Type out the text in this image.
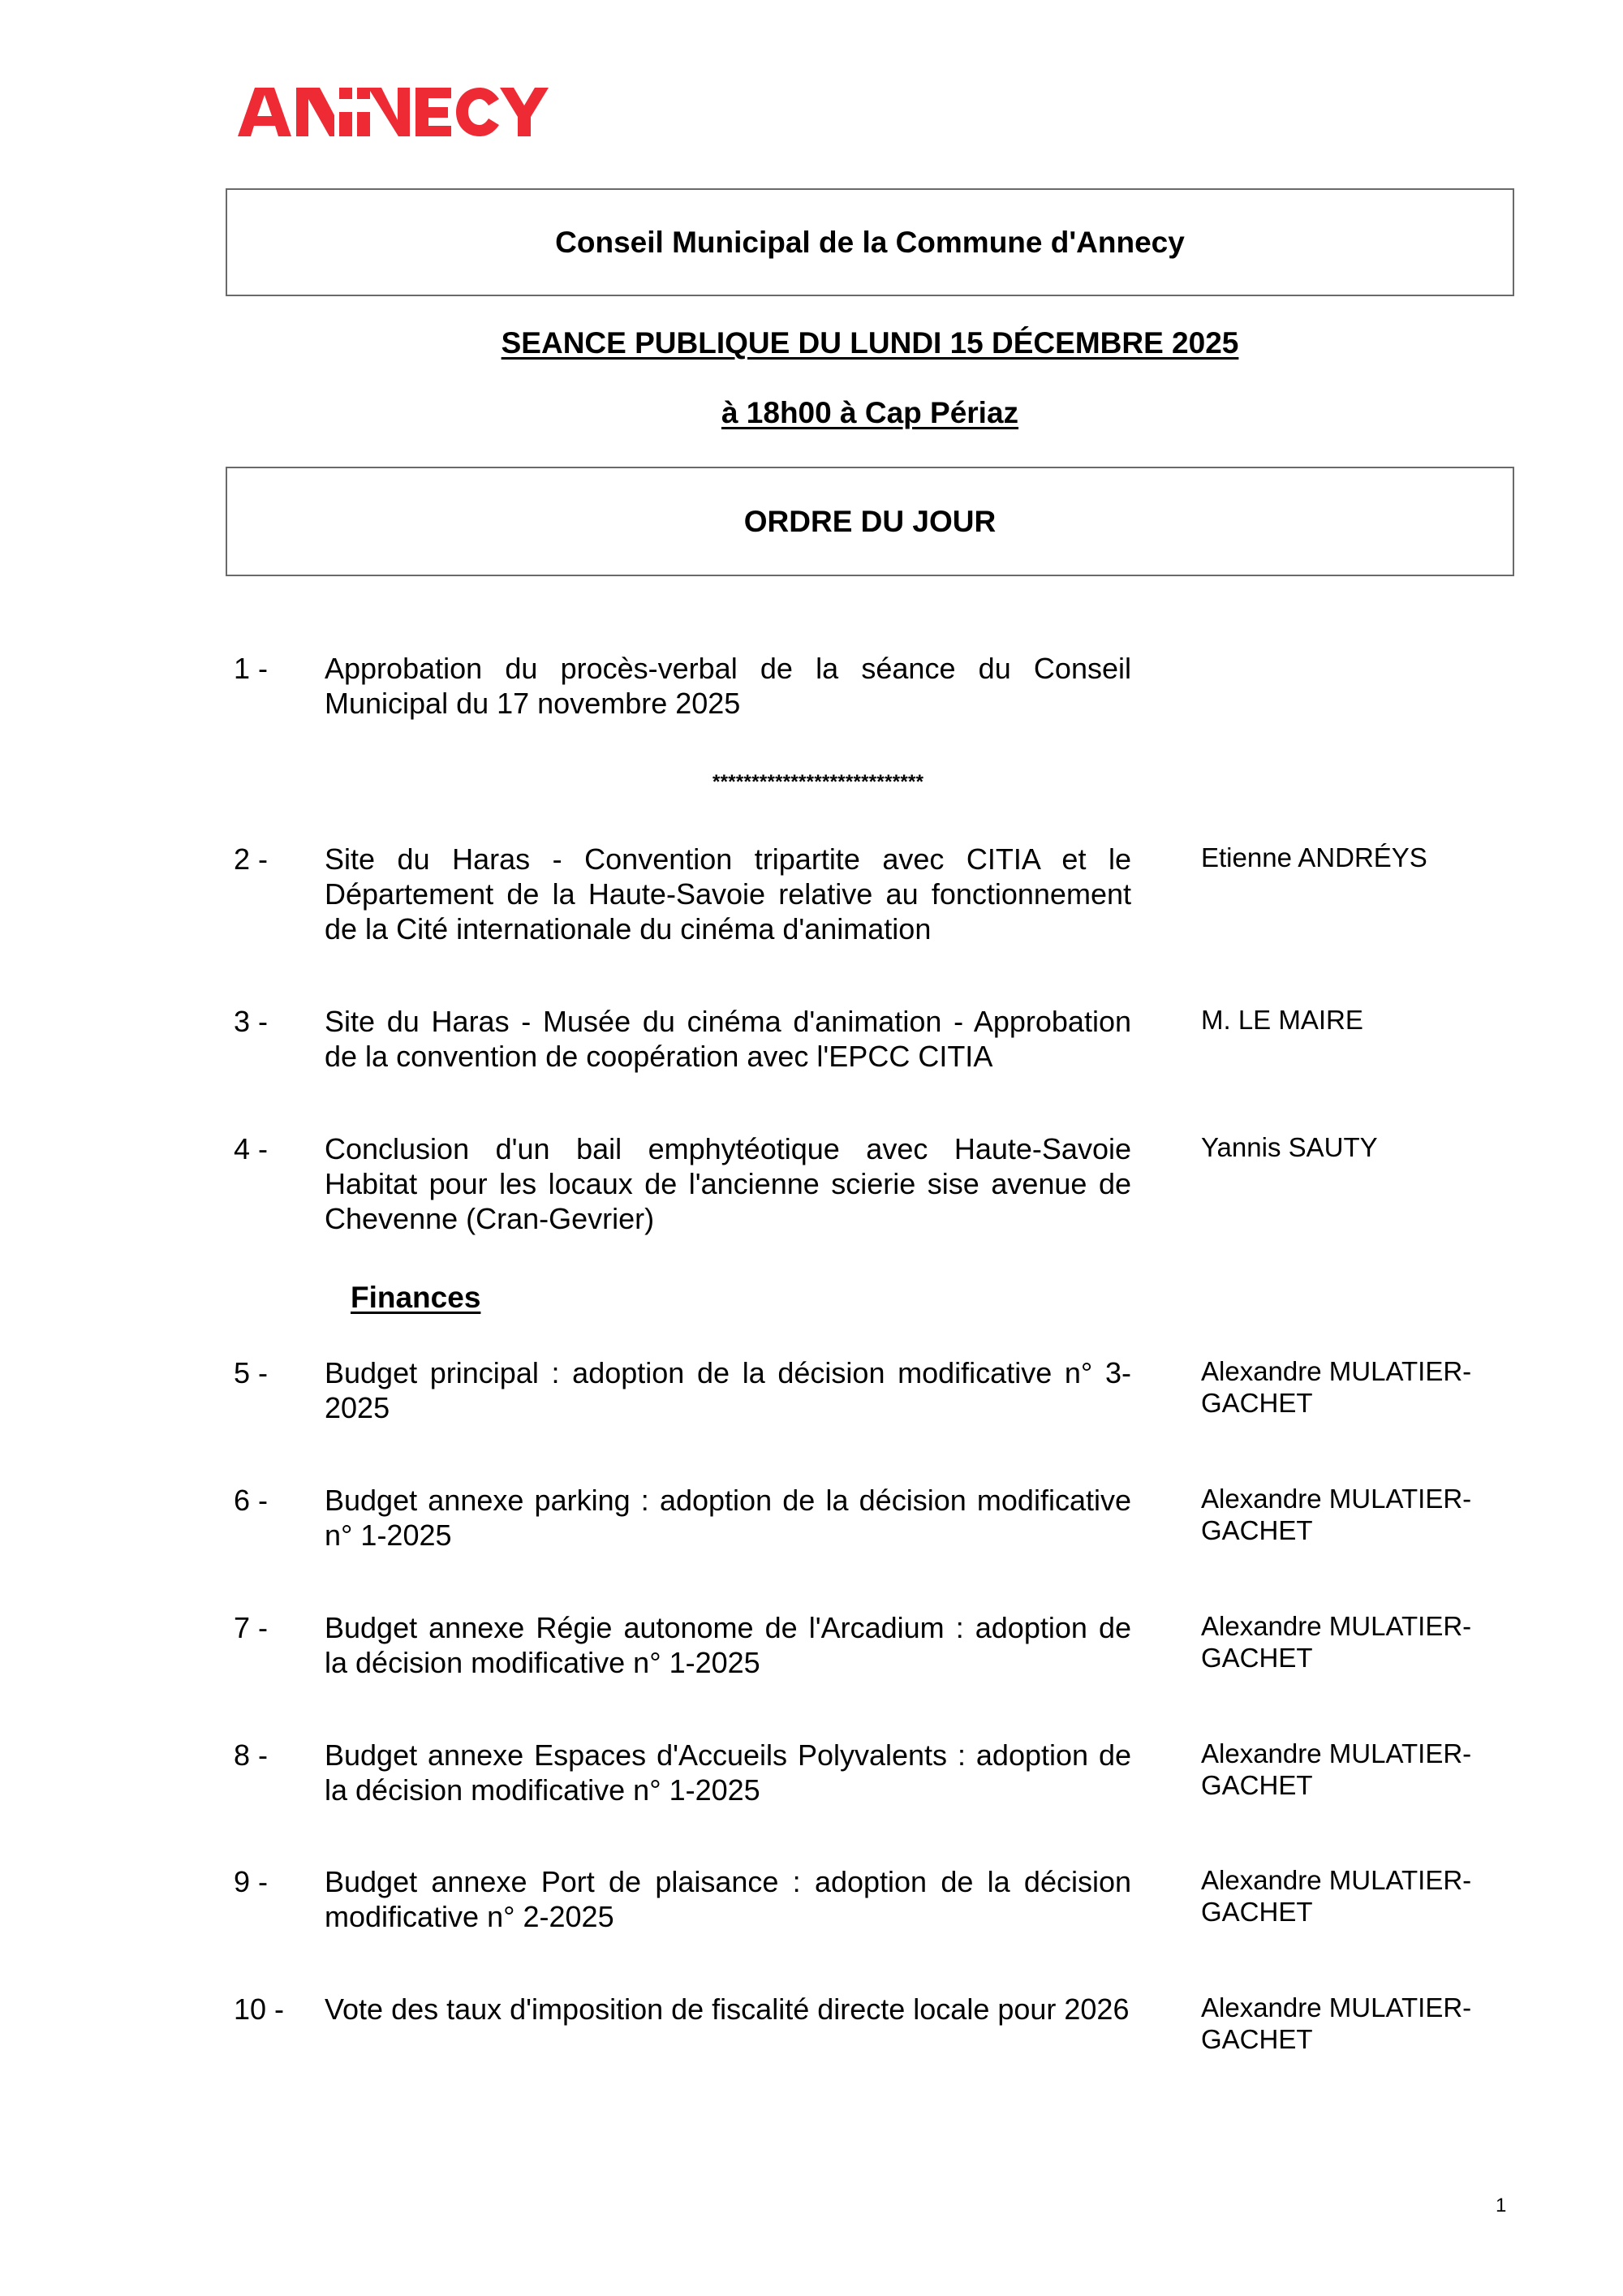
Conseil Municipal de la Commune d'Annecy
SEANCE PUBLIQUE DU LUNDI 15 DÉCEMBRE 2025
à 18h00 à Cap Périaz
ORDRE DU JOUR
1 - Approbation du procès-verbal de la séance du Conseil Municipal du 17 novembre 2025
***************************
2 - Site du Haras - Convention tripartite avec CITIA et le Département de la Haute-Savoie relative au fonctionnement de la Cité internationale du cinéma d'animation
Etienne ANDRÉYS
3 - Site du Haras - Musée du cinéma d'animation - Approbation de la convention de coopération avec l'EPCC CITIA
M. LE MAIRE
4 - Conclusion d'un bail emphytéotique avec Haute-Savoie Habitat pour les locaux de l'ancienne scierie sise avenue de Chevenne (Cran-Gevrier)
Yannis SAUTY
Finances
5 - Budget principal : adoption de la décision modificative n° 3-2025
Alexandre MULATIER-GACHET
6 - Budget annexe parking : adoption de la décision modificative n° 1-2025
Alexandre MULATIER-GACHET
7 - Budget annexe Régie autonome de l'Arcadium : adoption de la décision modificative n° 1-2025
Alexandre MULATIER-GACHET
8 - Budget annexe Espaces d'Accueils Polyvalents : adoption de la décision modificative n° 1-2025
Alexandre MULATIER-GACHET
9 - Budget annexe Port de plaisance : adoption de la décision modificative n° 2-2025
Alexandre MULATIER-GACHET
10 - Vote des taux d'imposition de fiscalité directe locale pour 2026	Alexandre MULATIER-GACHET
1
